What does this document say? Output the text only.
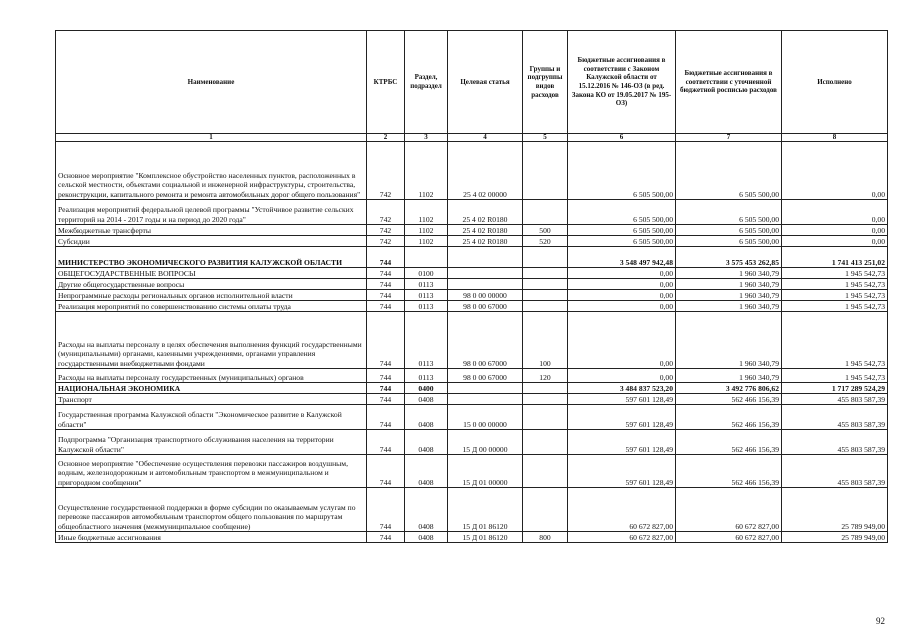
Наименование	КТРБС	Раздел, подраздел	Целевая статья	Группы и подгруппы видов расходов	Бюджетные ассигнования в соответствии с Законом Калужской области от 15.12.2016 № 146-ОЗ (в ред. Закона КО от 19.05.2017 № 195-ОЗ)	Бюджетные ассигнования в соответствии с уточненной бюджетной росписью расходов	Исполнено
1	2	3	4	5	6	7	8
Основное мероприятие "Комплексное обустройство населенных пунктов, расположенных в сельской местности, объектами социальной и инженерной инфраструктуры, строительства, реконструкции, капитального ремонта и ремонта автомобильных дорог общего пользования"	742	1102	25 4 02 00000		6 505 500,00	6 505 500,00	0,00
Реализация мероприятий федеральной целевой программы "Устойчивое развитие сельских территорий на 2014 - 2017 годы и на период до 2020 года"	742	1102	25 4 02 R0180		6 505 500,00	6 505 500,00	0,00
Межбюджетные трансферты	742	1102	25 4 02 R0180	500	6 505 500,00	6 505 500,00	0,00
Субсидии	742	1102	25 4 02 R0180	520	6 505 500,00	6 505 500,00	0,00
МИНИСТЕРСТВО ЭКОНОМИЧЕСКОГО РАЗВИТИЯ КАЛУЖСКОЙ ОБЛАСТИ	744				3 548 497 942,48	3 575 453 262,85	1 741 413 251,02
ОБЩЕГОСУДАРСТВЕННЫЕ ВОПРОСЫ	744	0100			0,00	1 960 340,79	1 945 542,73
Другие общегосударственные вопросы	744	0113			0,00	1 960 340,79	1 945 542,73
Непрограммные расходы региональных органов исполнительной власти	744	0113	98 0 00 00000		0,00	1 960 340,79	1 945 542,73
Реализация мероприятий по совершенствованию системы оплаты труда	744	0113	98 0 00 67000		0,00	1 960 340,79	1 945 542,73
Расходы на выплаты персоналу в целях обеспечения выполнения функций государственными (муниципальными) органами, казенными учреждениями, органами управления государственными внебюджетными фондами	744	0113	98 0 00 67000	100	0,00	1 960 340,79	1 945 542,73
Расходы на выплаты персоналу государственных (муниципальных) органов	744	0113	98 0 00 67000	120	0,00	1 960 340,79	1 945 542,73
НАЦИОНАЛЬНАЯ ЭКОНОМИКА	744	0400			3 484 837 523,20	3 492 776 806,62	1 717 289 524,29
Транспорт	744	0408			597 601 128,49	562 466 156,39	455 803 587,39
Государственная программа Калужской области "Экономическое развитие в Калужской области"	744	0408	15 0 00 00000		597 601 128,49	562 466 156,39	455 803 587,39
Подпрограмма "Организация транспортного обслуживания населения на территории Калужской области"	744	0408	15 Д 00 00000		597 601 128,49	562 466 156,39	455 803 587,39
Основное мероприятие "Обеспечение осуществления перевозки пассажиров воздушным, водным, железнодорожным и автомобильным транспортом в межмуниципальном и пригородном сообщении"	744	0408	15 Д 01 00000		597 601 128,49	562 466 156,39	455 803 587,39
Осуществление государственной поддержки в форме субсидии по оказываемым услугам по перевозке пассажиров автомобильным транспортом общего пользования по маршрутам общеобластного значения (межмуниципальное сообщение)	744	0408	15 Д 01 86120		60 672 827,00	60 672 827,00	25 789 949,00
Иные бюджетные ассигнования	744	0408	15 Д 01 86120	800	60 672 827,00	60 672 827,00	25 789 949,00
92
